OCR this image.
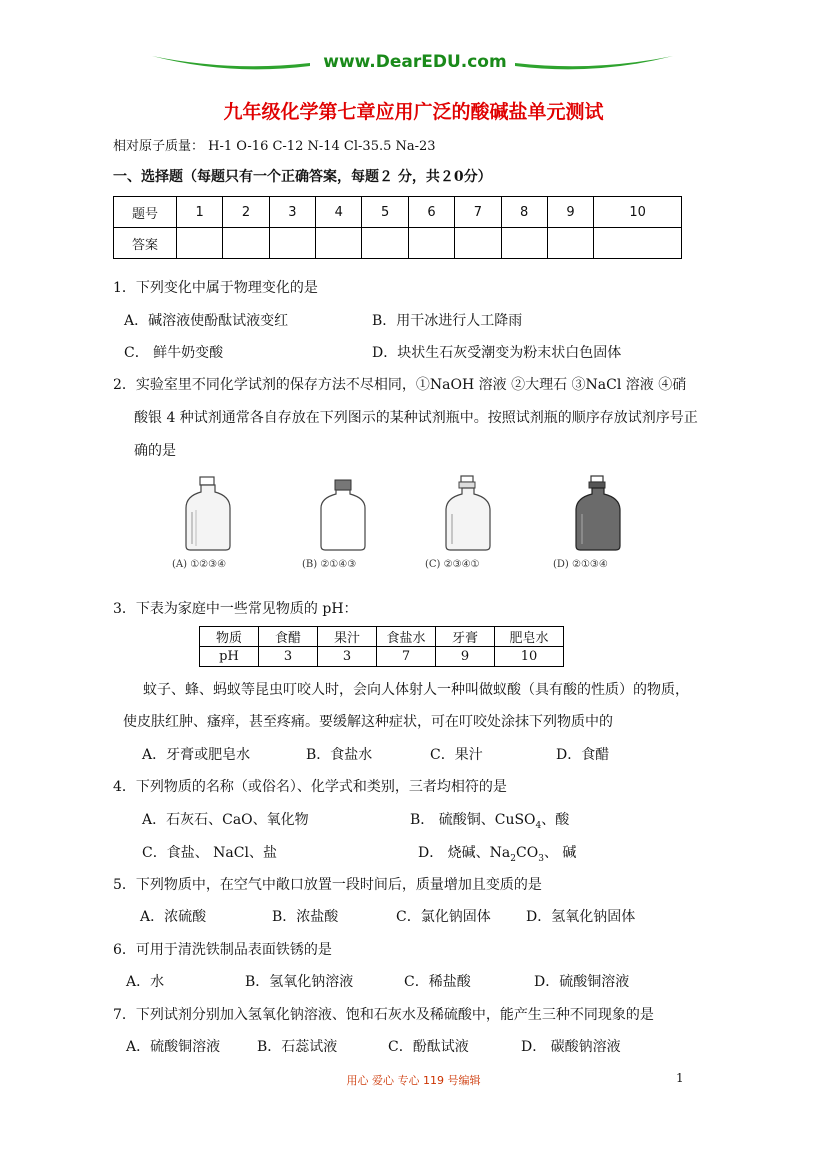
www.DearEDU.com
九年级化学第七章应用广泛的酸碱盐单元测试
相对原子质量： H-1 O-16 C-12 N-14 Cl-35.5 Na-23
一、选择题（每题只有一个正确答案，每题２ 分，共２0分）
题号	1	2	3	4	5	6	7	8	9	10
答案										
1．下列变化中属于物理变化的是
A．碱溶液使酚酞试液变红	B．用干冰进行人工降雨
C． 鲜牛奶变酸	D．块状生石灰受潮变为粉末状白色固体
2．实验室里不同化学试剂的保存方法不尽相同，①NaOH 溶液 ②大理石 ③NaCl 溶液 ④硝
酸银 4 种试剂通常各自存放在下列图示的某种试剂瓶中。按照试剂瓶的顺序存放试剂序号正
确的是
(A) ①②③④	(B) ②①④③	(C) ②③④①	(D) ②①③④
3．下表为家庭中一些常见物质的 pH：
物质	食醋	果汁	食盐水	牙膏	肥皂水
pH	3	3	7	9	10
蚊子、蜂、蚂蚁等昆虫叮咬人时，会向人体射人一种叫做蚁酸（具有酸的性质）的物质，
使皮肤红肿、瘙痒，甚至疼痛。要缓解这种症状，可在叮咬处涂抹下列物质中的
A．牙膏或肥皂水	B．食盐水	C．果汁	D．食醋
4．下列物质的名称（或俗名）、化学式和类别，三者均相符的是
A．石灰石、CaO、氧化物	B． 硫酸铜、CuSO$_4$、酸
C．食盐、 NaCl、盐	D． 烧碱、$Na_2CO_3$、 碱
5．下列物质中，在空气中敞口放置一段时间后，质量增加且变质的是
A．浓硫酸	B．浓盐酸	C．氯化钠固体	D．氢氧化钠固体
6．可用于清洗铁制品表面铁锈的是
A．水	B．氢氧化钠溶液	C．稀盐酸	D．硫酸铜溶液
7．下列试剂分别加入氢氧化钠溶液、饱和石灰水及稀硫酸中，能产生三种不同现象的是
A．硫酸铜溶液	B．石蕊试液	C．酚酞试液	D． 碳酸钠溶液
用心 爱心 专心 119 号编辑	1
